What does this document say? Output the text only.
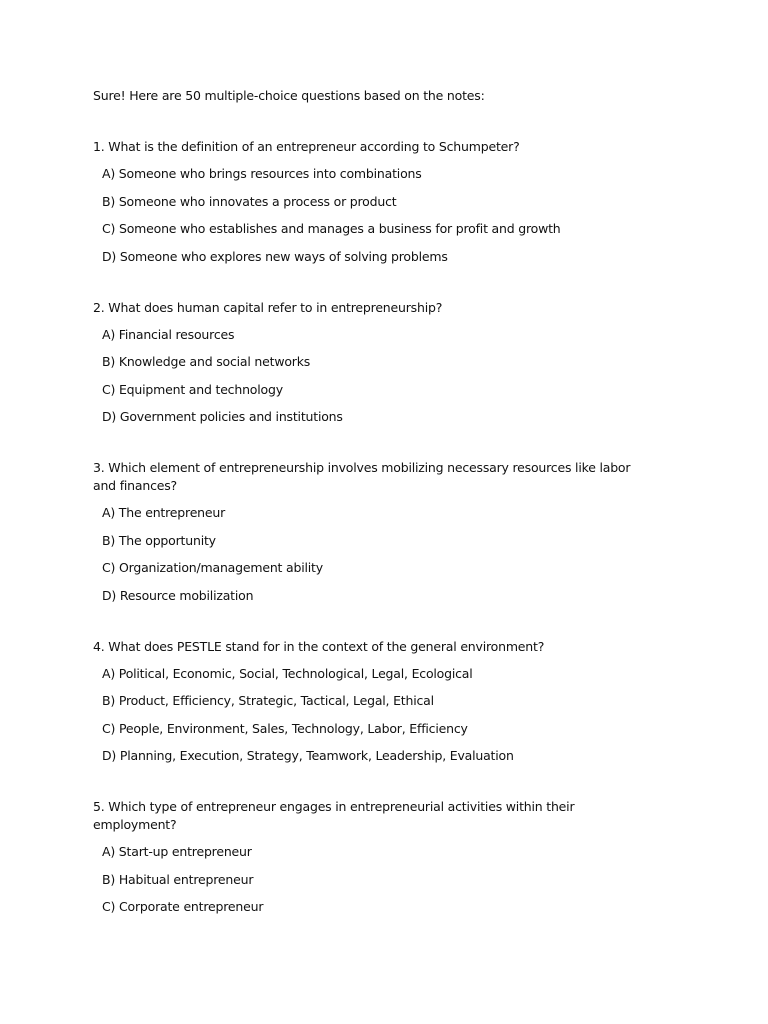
Sure! Here are 50 multiple-choice questions based on the notes:

1. What is the definition of an entrepreneur according to Schumpeter?

A) Someone who brings resources into combinations
B) Someone who innovates a process or product
C) Someone who establishes and manages a business for profit and growth
D) Someone who explores new ways of solving problems

2. What does human capital refer to in entrepreneurship?

A) Financial resources
B) Knowledge and social networks
C) Equipment and technology
D) Government policies and institutions

3. Which element of entrepreneurship involves mobilizing necessary resources like labor and finances?

A) The entrepreneur
B) The opportunity
C) Organization/management ability
D) Resource mobilization

4. What does PESTLE stand for in the context of the general environment?

A) Political, Economic, Social, Technological, Legal, Ecological
B) Product, Efficiency, Strategic, Tactical, Legal, Ethical
C) People, Environment, Sales, Technology, Labor, Efficiency
D) Planning, Execution, Strategy, Teamwork, Leadership, Evaluation

5. Which type of entrepreneur engages in entrepreneurial activities within their employment?

A) Start-up entrepreneur
B) Habitual entrepreneur
C) Corporate entrepreneur
